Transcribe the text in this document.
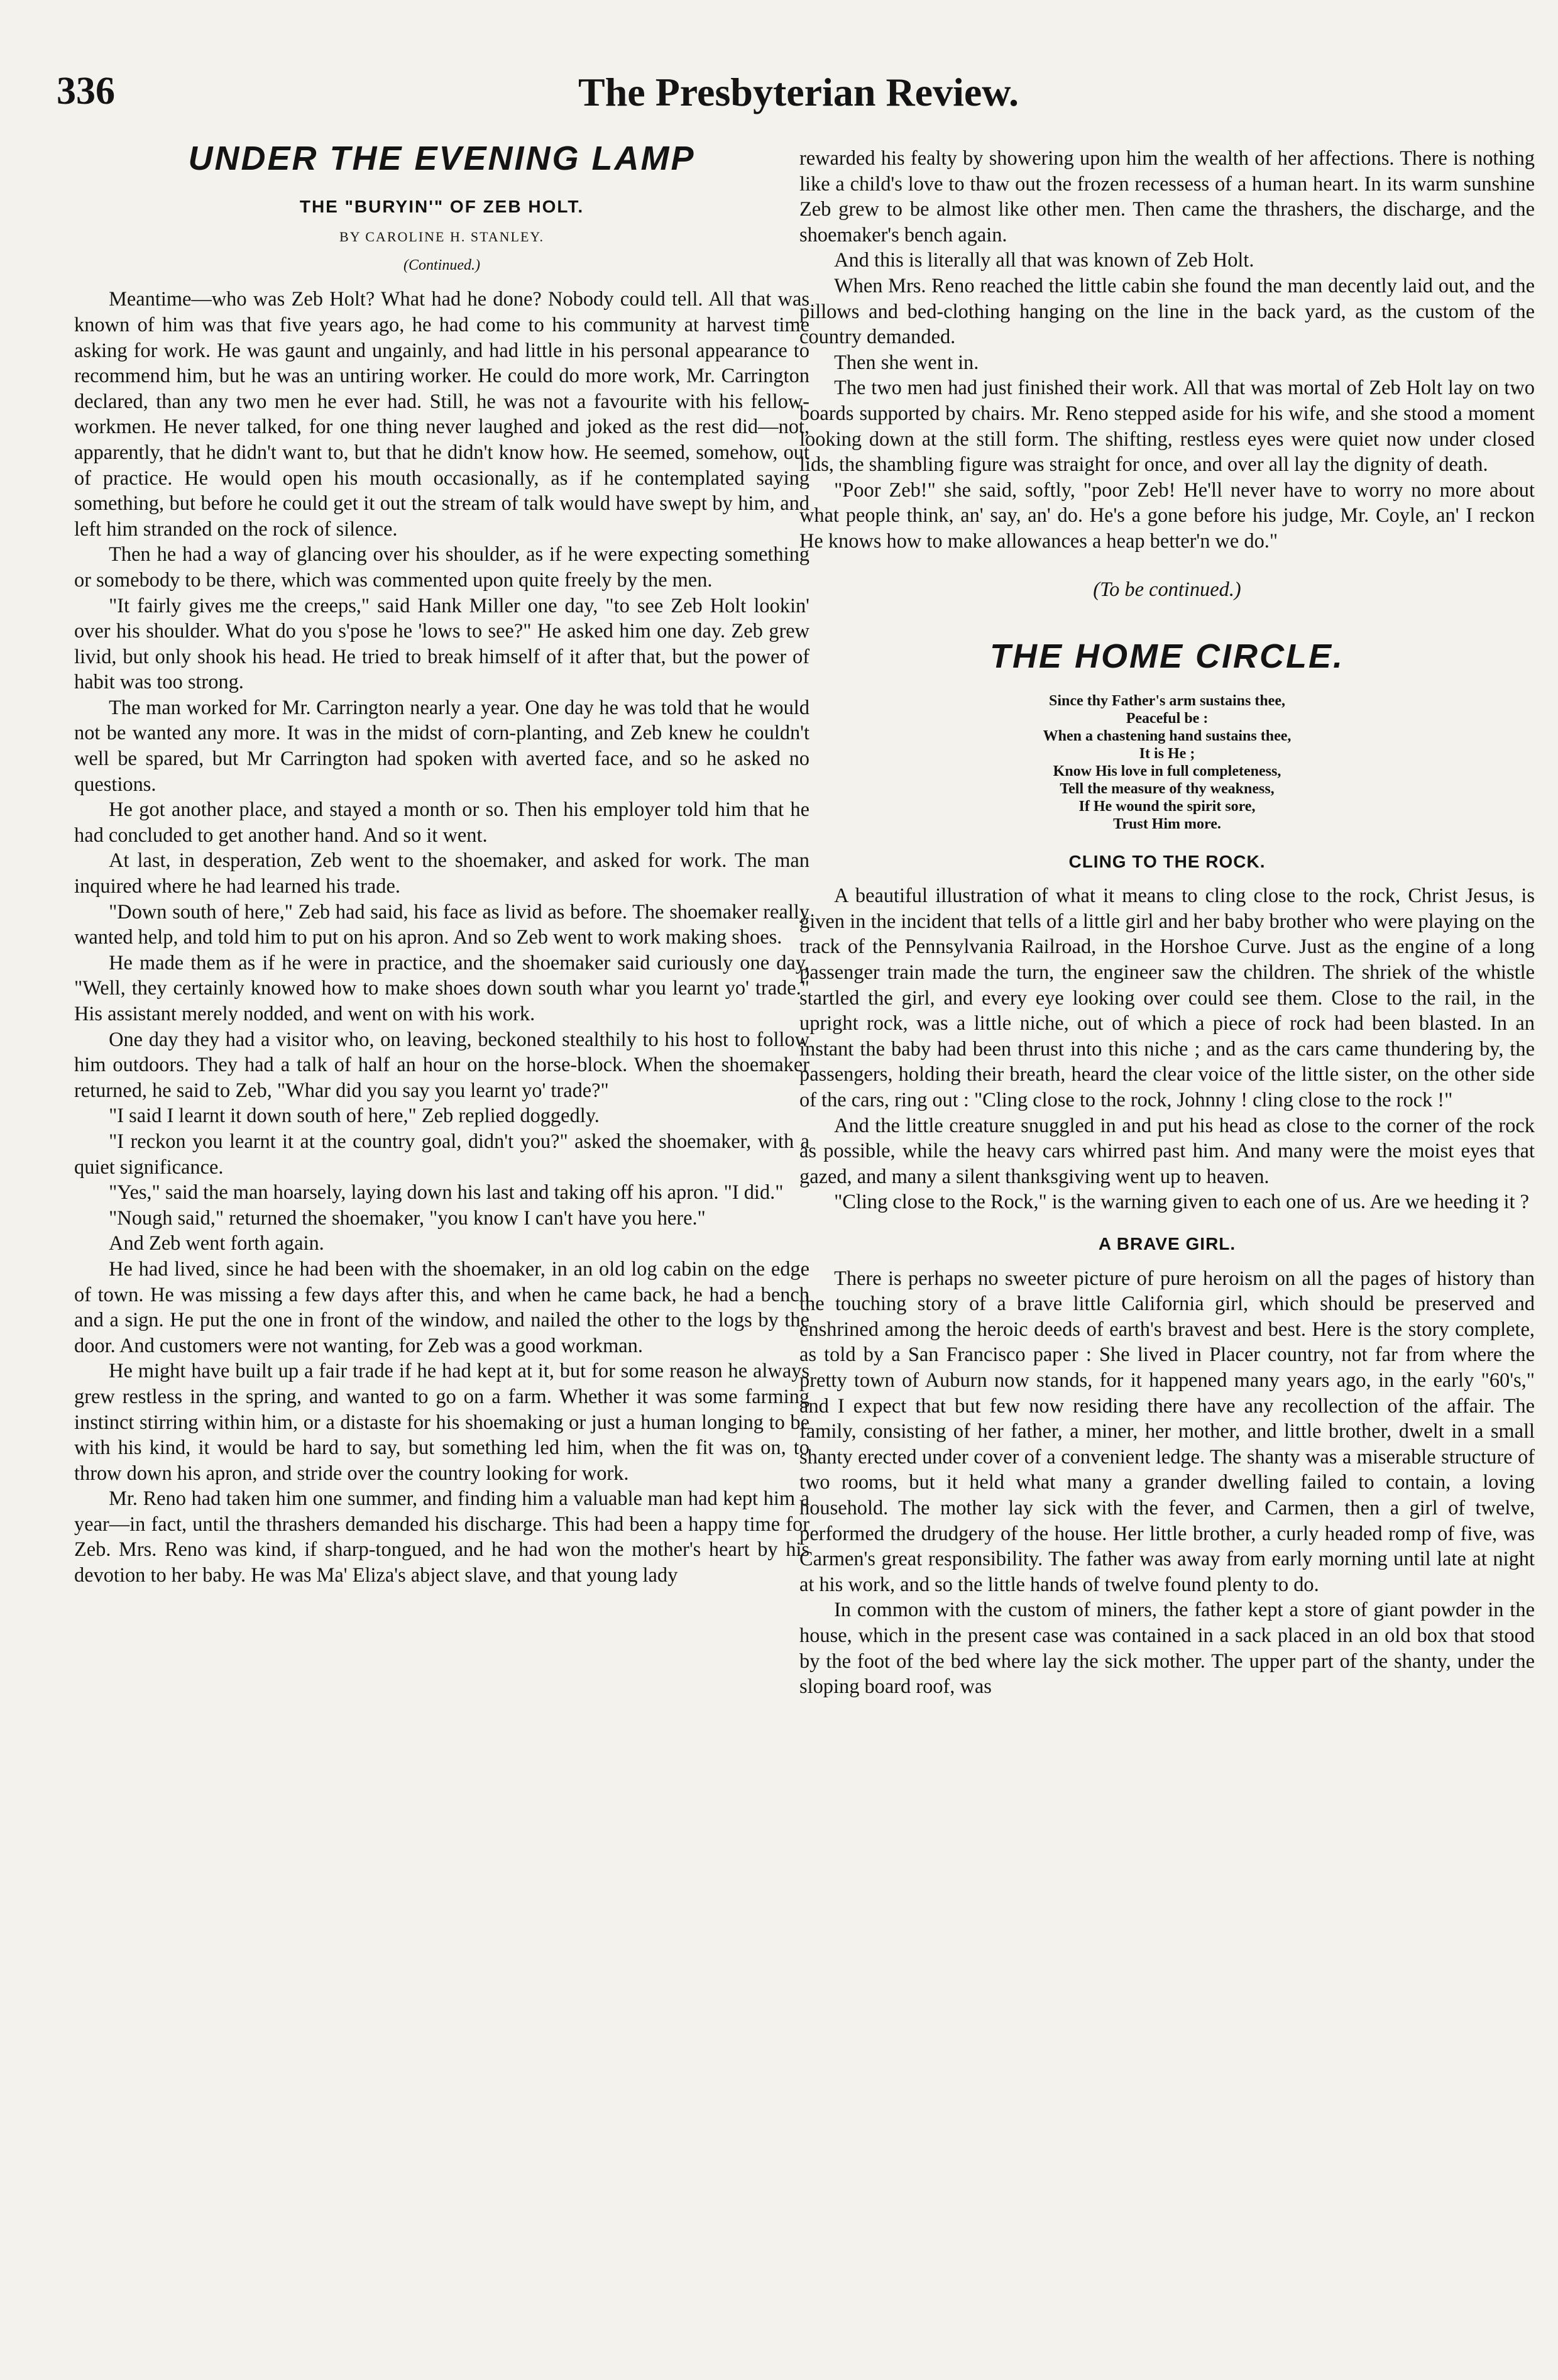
336	The Presbyterian Review.
UNDER THE EVENING LAMP
THE "BURYIN'" OF ZEB HOLT.
BY CAROLINE H. STANLEY.
(Continued.)

Meantime—who was Zeb Holt? What had he done? Nobody could tell. All that was known of him was that five years ago, he had come to his community at harvest time asking for work. He was gaunt and ungainly, and had little in his personal appearance to recommend him, but he was an untiring worker. He could do more work, Mr. Carrington declared, than any two men he ever had. Still, he was not a favourite with his fellow-workmen. He never talked, for one thing never laughed and joked as the rest did—not, apparently, that he didn't want to, but that he didn't know how. He seemed, somehow, out of practice. He would open his mouth occasionally, as if he contemplated saying something, but before he could get it out the stream of talk would have swept by him, and left him stranded on the rock of silence.

Then he had a way of glancing over his shoulder, as if he were expecting something or somebody to be there, which was commented upon quite freely by the men.

"It fairly gives me the creeps," said Hank Miller one day, "to see Zeb Holt lookin' over his shoulder. What do you s'pose he 'lows to see?" He asked him one day. Zeb grew livid, but only shook his head. He tried to break himself of it after that, but the power of habit was too strong.

The man worked for Mr. Carrington nearly a year. One day he was told that he would not be wanted any more. It was in the midst of corn-planting, and Zeb knew he couldn't well be spared, but Mr Carrington had spoken with averted face, and so he asked no questions.

He got another place, and stayed a month or so. Then his employer told him that he had concluded to get another hand. And so it went.

At last, in desperation, Zeb went to the shoemaker, and asked for work. The man inquired where he had learned his trade.

"Down south of here," Zeb had said, his face as livid as before. The shoemaker really wanted help, and told him to put on his apron. And so Zeb went to work making shoes.

He made them as if he were in practice, and the shoemaker said curiously one day, "Well, they certainly knowed how to make shoes down south whar you learnt yo' trade." His assistant merely nodded, and went on with his work.

One day they had a visitor who, on leaving, beckoned stealthily to his host to follow him outdoors. They had a talk of half an hour on the horse-block. When the shoemaker returned, he said to Zeb, "Whar did you say you learnt yo' trade?"

"I said I learnt it down south of here," Zeb replied doggedly.

"I reckon you learnt it at the country goal, didn't you?" asked the shoemaker, with a quiet significance.

"Yes," said the man hoarsely, laying down his last and taking off his apron. "I did."

"Nough said," returned the shoemaker, "you know I can't have you here."

And Zeb went forth again.

He had lived, since he had been with the shoemaker, in an old log cabin on the edge of town. He was missing a few days after this, and when he came back, he had a bench and a sign. He put the one in front of the window, and nailed the other to the logs by the door. And customers were not wanting, for Zeb was a good workman.

He might have built up a fair trade if he had kept at it, but for some reason he always grew restless in the spring, and wanted to go on a farm. Whether it was some farming instinct stirring within him, or a distaste for his shoemaking or just a human longing to be with his kind, it would be hard to say, but something led him, when the fit was on, to throw down his apron, and stride over the country looking for work.

Mr. Reno had taken him one summer, and finding him a valuable man had kept him a year—in fact, until the thrashers demanded his discharge. This had been a happy time for Zeb. Mrs. Reno was kind, if sharp-tongued, and he had won the mother's heart by his devotion to her baby. He was Ma' Eliza's abject slave, and that young lady

rewarded his fealty by showering upon him the wealth of her affections. There is nothing like a child's love to thaw out the frozen recessess of a human heart. In its warm sunshine Zeb grew to be almost like other men. Then came the thrashers, the discharge, and the shoemaker's bench again.

And this is literally all that was known of Zeb Holt.

When Mrs. Reno reached the little cabin she found the man decently laid out, and the pillows and bed-clothing hanging on the line in the back yard, as the custom of the country demanded.

Then she went in.

The two men had just finished their work. All that was mortal of Zeb Holt lay on two boards supported by chairs. Mr. Reno stepped aside for his wife, and she stood a moment looking down at the still form. The shifting, restless eyes were quiet now under closed lids, the shambling figure was straight for once, and over all lay the dignity of death.

"Poor Zeb!" she said, softly, "poor Zeb! He'll never have to worry no more about what people think, an' say, an' do. He's a gone before his judge, Mr. Coyle, an' I reckon He knows how to make allowances a heap better'n we do."

(To be continued.)
THE HOME CIRCLE.
Since thy Father's arm sustains thee,
Peaceful be :
When a chastening hand sustains thee,
It is He ;
Know His love in full completeness,
Tell the measure of thy weakness,
If He wound the spirit sore,
Trust Him more.
CLING TO THE ROCK.

A beautiful illustration of what it means to cling close to the rock, Christ Jesus, is given in the incident that tells of a little girl and her baby brother who were playing on the track of the Pennsylvania Railroad, in the Horshoe Curve. Just as the engine of a long passenger train made the turn, the engineer saw the children. The shriek of the whistle startled the girl, and every eye looking over could see them. Close to the rail, in the upright rock, was a little niche, out of which a piece of rock had been blasted. In an instant the baby had been thrust into this niche ; and as the cars came thundering by, the passengers, holding their breath, heard the clear voice of the little sister, on the other side of the cars, ring out : "Cling close to the rock, Johnny ! cling close to the rock !"

And the little creature snuggled in and put his head as close to the corner of the rock as possible, while the heavy cars whirred past him. And many were the moist eyes that gazed, and many a silent thanksgiving went up to heaven.

"Cling close to the Rock," is the warning given to each one of us. Are we heeding it ?

A BRAVE GIRL.

There is perhaps no sweeter picture of pure heroism on all the pages of history than the touching story of a brave little California girl, which should be preserved and enshrined among the heroic deeds of earth's bravest and best. Here is the story complete, as told by a San Francisco paper : She lived in Placer country, not far from where the pretty town of Auburn now stands, for it happened many years ago, in the early "60's," and I expect that but few now residing there have any recollection of the affair. The family, consisting of her father, a miner, her mother, and little brother, dwelt in a small shanty erected under cover of a convenient ledge. The shanty was a miserable structure of two rooms, but it held what many a grander dwelling failed to contain, a loving household. The mother lay sick with the fever, and Carmen, then a girl of twelve, performed the drudgery of the house. Her little brother, a curly headed romp of five, was Carmen's great responsibility. The father was away from early morning until late at night at his work, and so the little hands of twelve found plenty to do.

In common with the custom of miners, the father kept a store of giant powder in the house, which in the present case was contained in a sack placed in an old box that stood by the foot of the bed where lay the sick mother. The upper part of the shanty, under the sloping board roof, was
